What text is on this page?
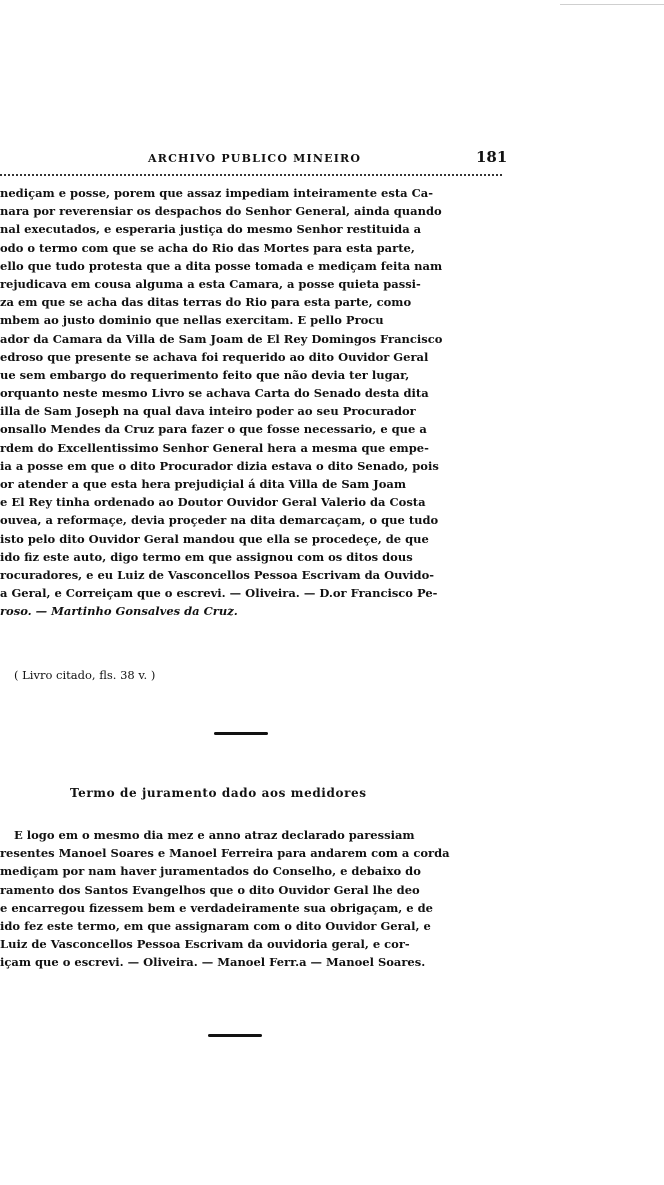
ARCHIVO PUBLICO MINEIRO	181
nediçam e posse, porem que assaz impediam inteiramente esta Ca-
nara por reverensiar os despachos do Senhor General, ainda quando
nal executados, e esperaria justiça do mesmo Senhor restituida a
odo o termo com que se acha do Rio das Mortes para esta parte,
ello que tudo protesta que a dita posse tomada e mediçam feita nam
rejudicava em cousa alguma a esta Camara, a posse quieta passi-
za em que se acha das ditas terras do Rio para esta parte, como
mbem ao justo dominio que nellas exercitam. E pello Procu
ador da Camara da Villa de Sam Joam de El Rey Domingos Francisco
edroso que presente se achava foi requerido ao dito Ouvidor Geral
ue sem embargo do requerimento feito que não devia ter lugar,
orquanto neste mesmo Livro se achava Carta do Senado desta dita
illa de Sam Joseph na qual dava inteiro poder ao seu Procurador
onsallo Mendes da Cruz para fazer o que fosse necessario, e que a
rdem do Excellentissimo Senhor General hera a mesma que empe-
ia a posse em que o dito Procurador dizia estava o dito Senado, pois
or atender a que esta hera prejudiçial á dita Villa de Sam Joam
e El Rey tinha ordenado ao Doutor Ouvidor Geral Valerio da Costa
ouvea, a reformaçe, devia proçeder na dita demarcaçam, o que tudo
isto pelo dito Ouvidor Geral mandou que ella se procedeçe, de que
ido fiz este auto, digo termo em que assignou com os ditos dous
rocuradores, e eu Luiz de Vasconcellos Pessoa Escrivam da Ouvido-
a Geral, e Correiçam que o escrevi. — Oliveira. — D.or Francisco Pe-
roso. — Martinho Gonsalves da Cruz.
( Livro citado, fls. 38 v. )
Termo de juramento dado aos medidores
E logo em o mesmo dia mez e anno atraz declarado paressiam
resentes Manoel Soares e Manoel Ferreira para andarem com a corda
mediçam por nam haver juramentados do Conselho, e debaixo do
ramento dos Santos Evangelhos que o dito Ouvidor Geral lhe deo
e encarregou fizessem bem e verdadeiramente sua obrigaçam, e de
ido fez este termo, em que assignaram com o dito Ouvidor Geral, e
Luiz de Vasconcellos Pessoa Escrivam da ouvidoria geral, e cor-
içam que o escrevi. — Oliveira. — Manoel Ferr.a — Manoel Soares.
